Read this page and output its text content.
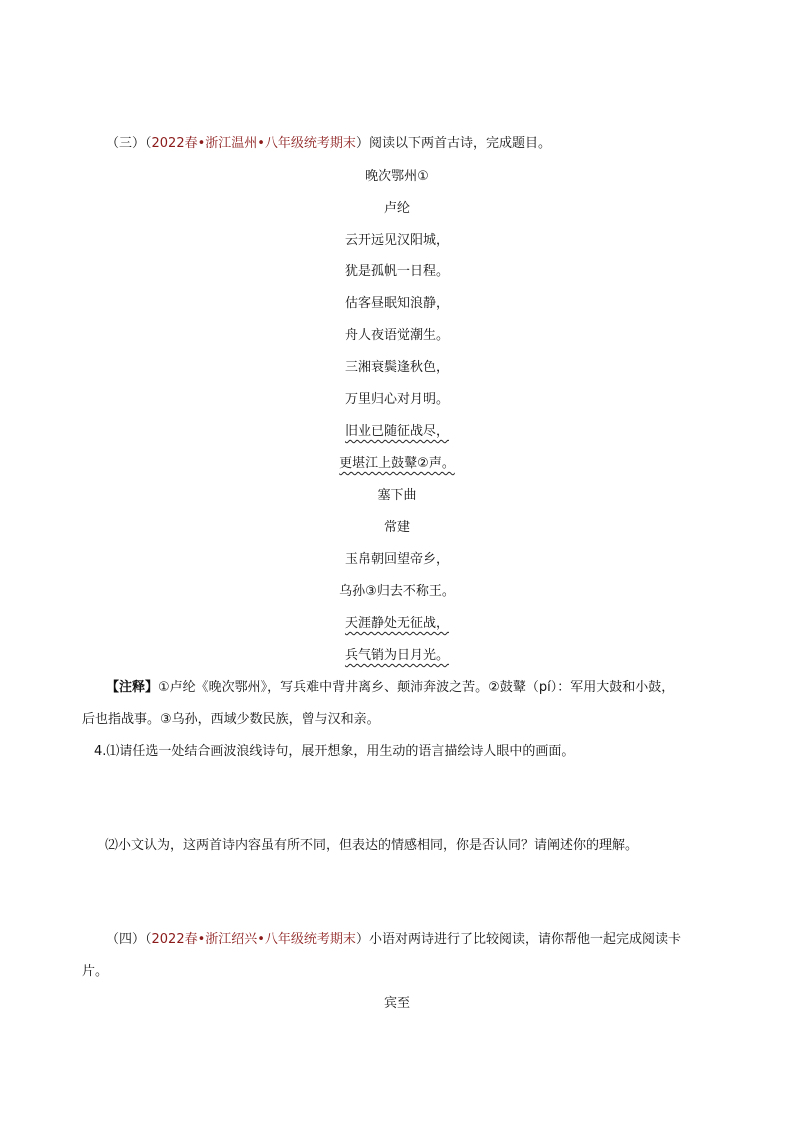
（三）（2022春•浙江温州•八年级统考期末）阅读以下两首古诗，完成题目。
晚次鄂州①
卢纶
云开远见汉阳城，
犹是孤帆一日程。
估客昼眠知浪静，
舟人夜语觉潮生。
三湘衰鬓逢秋色，
万里归心对月明。
旧业已随征战尽，
更堪江上鼓鼙②声。
塞下曲
常建
玉帛朝回望帝乡，
乌孙③归去不称王。
天涯静处无征战，
兵气销为日月光。
【注释】①卢纶《晚次鄂州》，写兵难中背井离乡、颠沛奔波之苦。②鼓鼙（pí）：军用大鼓和小鼓，
后也指战事。③乌孙，西域少数民族，曾与汉和亲。
4.⑴请任选一处结合画波浪线诗句，展开想象，用生动的语言描绘诗人眼中的画面。
⑵小文认为，这两首诗内容虽有所不同，但表达的情感相同，你是否认同？请阐述你的理解。
（四）（2022春•浙江绍兴•八年级统考期末）小语对两诗进行了比较阅读，请你帮他一起完成阅读卡
片。
宾至
